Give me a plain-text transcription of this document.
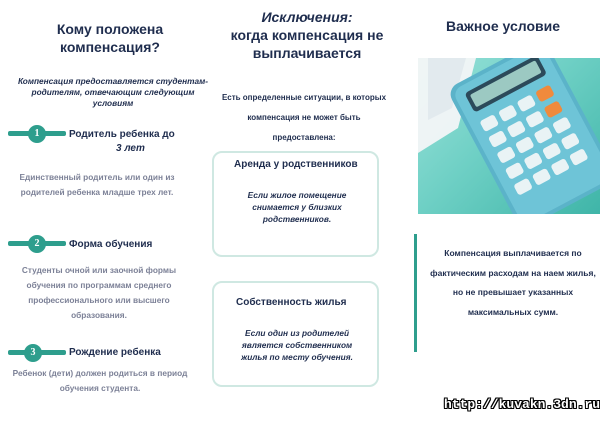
Кому положена компенсация?
Компенсация предоставляется студентам-родителям, отвечающим следующим условиям
1	Родитель ребенка до
3 лет
Единственный родитель или один из родителей ребенка младше трех лет.
2	Форма обучения
Студенты очной или заочной формы обучения по программам среднего профессионального или высшего образования.
3	Рождение ребенка
Ребенок (дети) должен родиться в период обучения студента.
Исключения:
когда компенсация не выплачивается
Есть определенные ситуации, в которых компенсация не может быть предоставлена:
Аренда у родственников
Если жилое помещение снимается у близких родственников.
Собственность жилья
Если один из родителей является собственником жилья по месту обучения.
Важное условие
Компенсация выплачивается по фактическим расходам на наем жилья, но не превышает указанных максимальных сумм.
http://kuvakn.3dn.ru
